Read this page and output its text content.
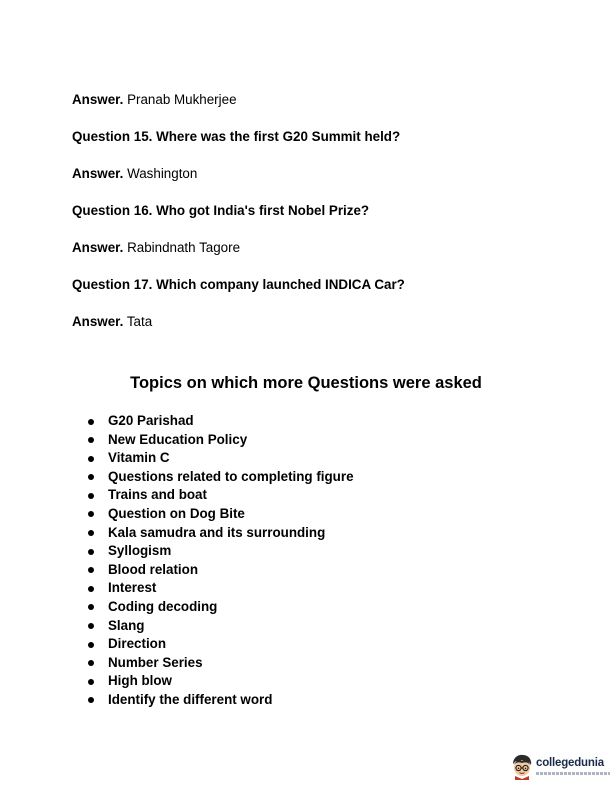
Answer. Pranab Mukherjee
Question 15. Where was the first G20 Summit held?
Answer. Washington
Question 16. Who got India's first Nobel Prize?
Answer. Rabindnath Tagore
Question 17. Which company launched INDICA Car?
Answer. Tata
Topics on which more Questions were asked
G20 Parishad
New Education Policy
Vitamin C
Questions related to completing figure
Trains and boat
Question on Dog Bite
Kala samudra and its surrounding
Syllogism
Blood relation
Interest
Coding decoding
Slang
Direction
Number Series
High blow
Identify the different word
collegedunia
